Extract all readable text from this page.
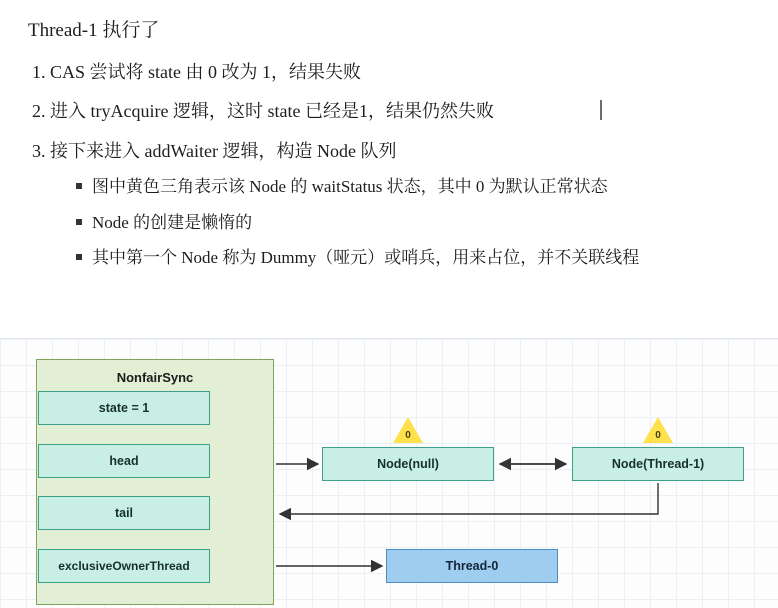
Thread-1 执行了
1. CAS 尝试将 state 由 0 改为 1，结果失败
2. 进入 tryAcquire 逻辑，这时 state 已经是1，结果仍然失败
3. 接下来进入 addWaiter 逻辑，构造 Node 队列
图中黄色三角表示该 Node 的 waitStatus 状态，其中 0 为默认正常状态
Node 的创建是懒惰的
其中第一个 Node 称为 Dummy（哑元）或哨兵，用来占位，并不关联线程
NonfairSync
state = 1
head
tail
exclusiveOwnerThread
Node(null)	Node(Thread-1)
0	0
Thread-0
